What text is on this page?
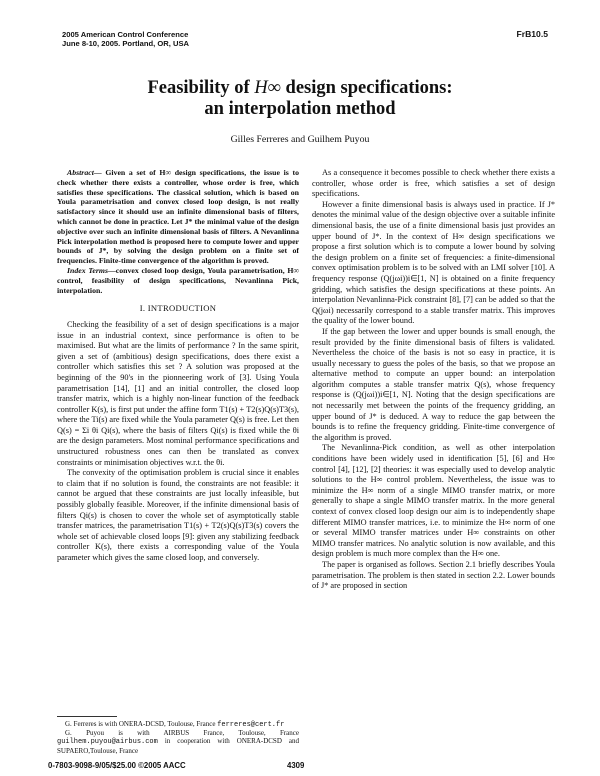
2005 American Control Conference
June 8-10, 2005. Portland, OR, USA
FrB10.5
Feasibility of H∞ design specifications:
an interpolation method
Gilles Ferreres and Guilhem Puyou

Abstract— Given a set of H∞ design specifications, the issue is to check whether there exists a controller, whose order is free, which satisfies these specifications. The classical solution, which is based on Youla parametrisation and convex closed loop design, is not really satisfactory since it should use an infinite dimensional basis of filters, which cannot be done in practice. Let J* the minimal value of the design objective over such an infinite dimensional basis of filters. A Nevanlinna Pick interpolation method is proposed here to compute lower and upper bounds of J*, by solving the design problem on a finite set of frequencies. Finite-time convergence of the algorithm is proved.

Index Terms—convex closed loop design, Youla parametrisation, H∞ control, feasibility of design specifications, Nevanlinna Pick, interpolation.

I. INTRODUCTION

Checking the feasibility of a set of design specifications is a major issue in an industrial context, since performance is often to be maximised. But what are the limits of performance ? In the same spirit, given a set of (ambitious) design specifications, does there exist a controller which satisfies this set ? A solution was proposed at the beginning of the 90's in the pionneering work of [3]. Using Youla parametrisation [14], [1] and an initial controller, the closed loop transfer matrix, which is a highly non-linear function of the feedback controller K(s), is first put under the affine form T1(s) + T2(s)Q(s)T3(s), where the Ti(s) are fixed while the Youla parameter Q(s) is free. Let then Q(s) = Σi θi Qi(s), where the basis of filters Qi(s) is fixed while the θi are the design parameters. Most nominal performance specifications and unstructured robustness ones can then be translated as convex constraints or minimisation objectives w.r.t. the θi.

The convexity of the optimisation problem is crucial since it enables to claim that if no solution is found, the constraints are not feasible: it cannot be argued that these constraints are just locally infeasible, but possibly globally feasible. Moreover, if the infinite dimensional basis of filters Qi(s) is chosen to cover the whole set of asymptotically stable transfer matrices, the parametrisation T1(s) + T2(s)Q(s)T3(s) covers the whole set of achievable closed loops [9]: given any stabilizing feedback controller K(s), there exists a corresponding value of the Youla parameter which gives the same closed loop, and conversely.

As a consequence it becomes possible to check whether there exists a controller, whose order is free, which satisfies a set of design specifications.

However a finite dimensional basis is always used in practice. If J* denotes the minimal value of the design objective over a suitable infinite dimensional basis, the use of a finite dimensional basis just provides an upper bound of J*. In the context of H∞ design specifications we propose a first solution which is to compute a lower bound by solving the design problem on a finite set of frequencies: a finite-dimensional convex optimisation problem is to be solved with an LMI solver [10]. A frequency response (Q(jωi))i∈[1, N] is obtained on a finite frequency gridding, which satisfies the design specifications at these points. An interpolation Nevanlinna-Pick constraint [8], [7] can be added so that the Q(jωi) necessarily correspond to a stable transfer matrix. This improves the quality of the lower bound.

If the gap between the lower and upper bounds is small enough, the result provided by the finite dimensional basis of filters is validated. Nevertheless the choice of the basis is not so easy in practice, it is usually necessary to guess the poles of the basis, so that we propose an alternative method to compute an upper bound: an interpolation algorithm computes a stable transfer matrix Q(s), whose frequency response is (Q(jωi))i∈[1, N]. Noting that the design specifications are not necessarily met between the points of the frequency gridding, an upper bound of J* is deduced. A way to reduce the gap between the bounds is to refine the frequency gridding. Finite-time convergence of the algorithm is proved.

The Nevanlinna-Pick condition, as well as other interpolation conditions have been widely used in identification [5], [6] and H∞ control [4], [12], [2] theories: it was especially used to develop analytic solutions to the H∞ control problem. Nevertheless, the issue was to minimize the H∞ norm of a single MIMO transfer matrix, or more generally to shape a single MIMO transfer matrix. In the more general context of convex closed loop design our aim is to independently shape different MIMO transfer matrices, i.e. to minimize the H∞ norm of one or several MIMO transfer matrices under H∞ constraints on other MIMO transfer matrices. No analytic solution is now available, and this design problem is much more complex than the H∞ one.

The paper is organised as follows. Section 2.1 briefly describes Youla parametrisation. The problem is then stated in section 2.2. Lower bounds of J* are proposed in section

G. Ferreres is with ONERA-DCSD, Toulouse, France ferreres@cert.fr

G. Puyou is with AIRBUS France, Toulouse, France guilhem.puyou@airbus.com in cooperation with ONERA-DCSD and SUPAERO,Toulouse, France

0-7803-9098-9/05/$25.00 ©2005 AACC	4309
